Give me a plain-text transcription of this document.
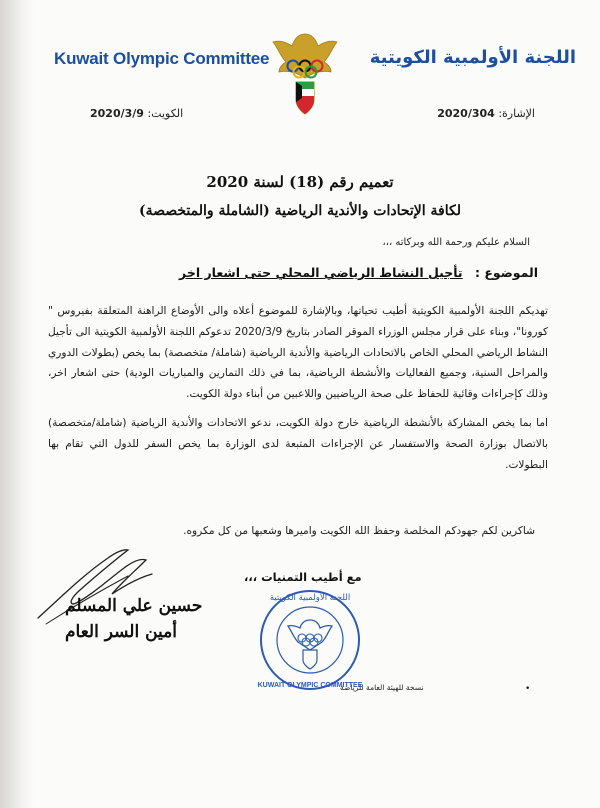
Kuwait Olympic Committee	اللجنة الأولمبية الكويتية
الإشارة: 2020/304
الكويت: 2020/3/9
تعميم رقم (18) لسنة 2020
لكافة الإتحادات والأندية الرياضية (الشاملة والمتخصصة)
السلام عليكم ورحمة الله وبركاته ،،،
الموضوع : تأجيل النشاط الرياضي المحلي حتى اشعار اخر

تهديكم اللجنة الأولمبية الكويتية أطيب تحياتها، وبالإشارة للموضوع أعلاه والى الأوضاع الراهنة المتعلقة بفيروس " كورونا"، وبناء على قرار مجلس الوزراء الموقر الصادر بتاريخ 2020/3/9 تدعوكم اللجنة الأولمبية الكويتية الى تأجيل النشاط الرياضي المحلي الخاص بالاتحادات الرياضية والأندية الرياضية (شاملة/ متخصصة) بما يخص (بطولات الدوري والمراحل السنية، وجميع الفعاليات والأنشطة الرياضية، بما في ذلك التمارين والمباريات الودية) حتى اشعار اخر، وذلك كإجراءات وقائية للحفاظ على صحة الرياضيين واللاعبين من أبناء دولة الكويت.

اما بما يخص المشاركة بالأنشطة الرياضية خارج دولة الكويت، ندعو الاتحادات والأندية الرياضية (شاملة/متخصصة) بالاتصال بوزارة الصحة والاستفسار عن الإجراءات المتبعة لدى الوزارة بما يخص السفر للدول التي تقام بها البطولات.

شاكرين لكم جهودكم المخلصة وحفظ الله الكويت واميرها وشعبها من كل مكروه.
مع أطيب التمنيات ،،،
حسين علي المسلم
أمين السر العام
اللجنة الأولمبية الكويتية
KUWAIT OLYMPIC COMMITTEE
نسخة للهيئة العامة للرياضة	•
